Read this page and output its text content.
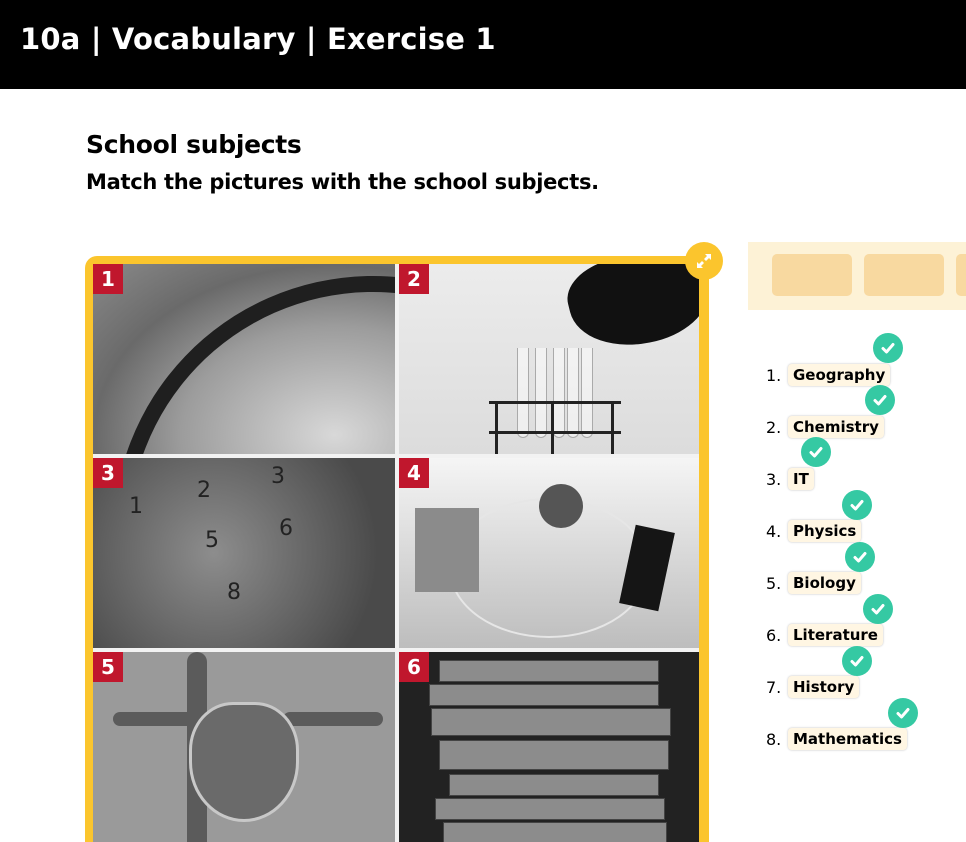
10a | Vocabulary | Exercise 1
School subjects
Match the pictures with the school subjects.
1	2
1
2
3
5	6
8
3	4
5	6
1. Geography
2. Chemistry
3. IT
4. Physics
5. Biology
6. Literature
7. History
8. Mathematics
